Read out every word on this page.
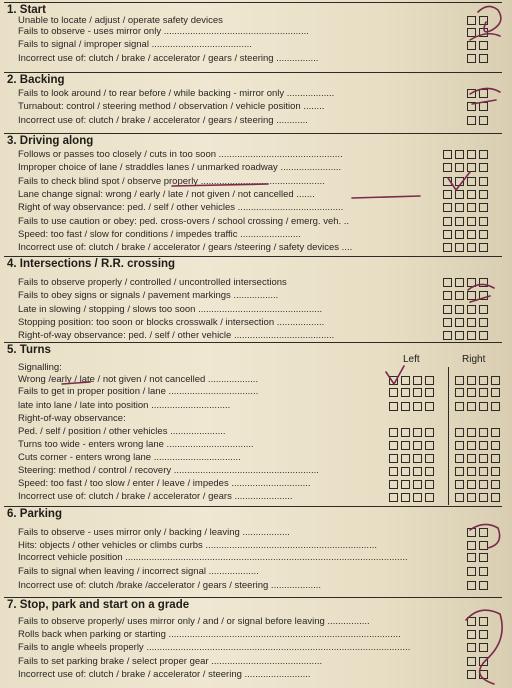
1. Start
Unable to locate / adjust / operate safety devices
Fails to observe - uses mirror only .......................................................
Fails to signal / improper signal ......................................
Incorrect use of: clutch / brake / accelerator / gears / steering ................
2. Backing
Fails to look around / to rear before / while backing - mirror only ..................
Turnabout: control / steering method / observation / vehicle position ........
Incorrect use of: clutch / brake / accelerator / gears / steering ............
3. Driving along
Follows or passes too closely / cuts in too soon ...............................................
Improper choice of lane / straddles lanes / unmarked roadway .......................
Fails to check blind spot / observe properly ...............................................
Lane change signal: wrong / early / late / not given / not cancelled .......
Right of way observance: ped. / self / other vehicles ........................................
Fails to use caution or obey: ped. cross-overs / school crossing / emerg. veh. ..
Speed: too fast / slow for conditions / impedes traffic .......................
Incorrect use of: clutch / brake / accelerator / gears /steering / safety devices ....
4. Intersections / R.R. crossing
Fails to observe properly / controlled / uncontrolled intersections
Fails to obey signs or signals / pavement markings .................
Late in slowing / stopping / slows too soon ...............................................
Stopping position: too soon or blocks crosswalk / intersection ..................
Right-of-way observance: ped. / self / other vehicle ......................................
5. Turns
Left	Right
Signalling:
Wrong /early / late / not given / not cancelled ...................
Fails to get in proper position / lane ..................................
late into lane / late into position ..............................
Right-of-way observance:
Ped. / self / position / other vehicles .....................
Turns too wide - enters wrong lane .................................
Cuts corner - enters wrong lane .................................
Steering: method / control / recovery .......................................................
Speed: too fast / too slow / enter / leave / impedes ..............................
Incorrect use of: clutch / brake / accelerator / gears ......................
6. Parking
Fails to observe - uses mirror only / backing / leaving ..................
Hits: objects / other vehicles or climbs curbs .................................................................
Incorrect vehicle position ...........................................................................................................
Fails to signal when leaving / incorrect signal ...................
Incorrect use of: clutch /brake /accelerator / gears / steering ...................
7. Stop, park and start on a grade
Fails to observe properly/ uses mirror only / and / or signal before leaving ................
Rolls back when parking or starting ........................................................................................
Fails to angle wheels properly ....................................................................................................
Fails to set parking brake / select proper gear ..........................................
Incorrect use of: clutch / brake / accelerator / steering .........................
